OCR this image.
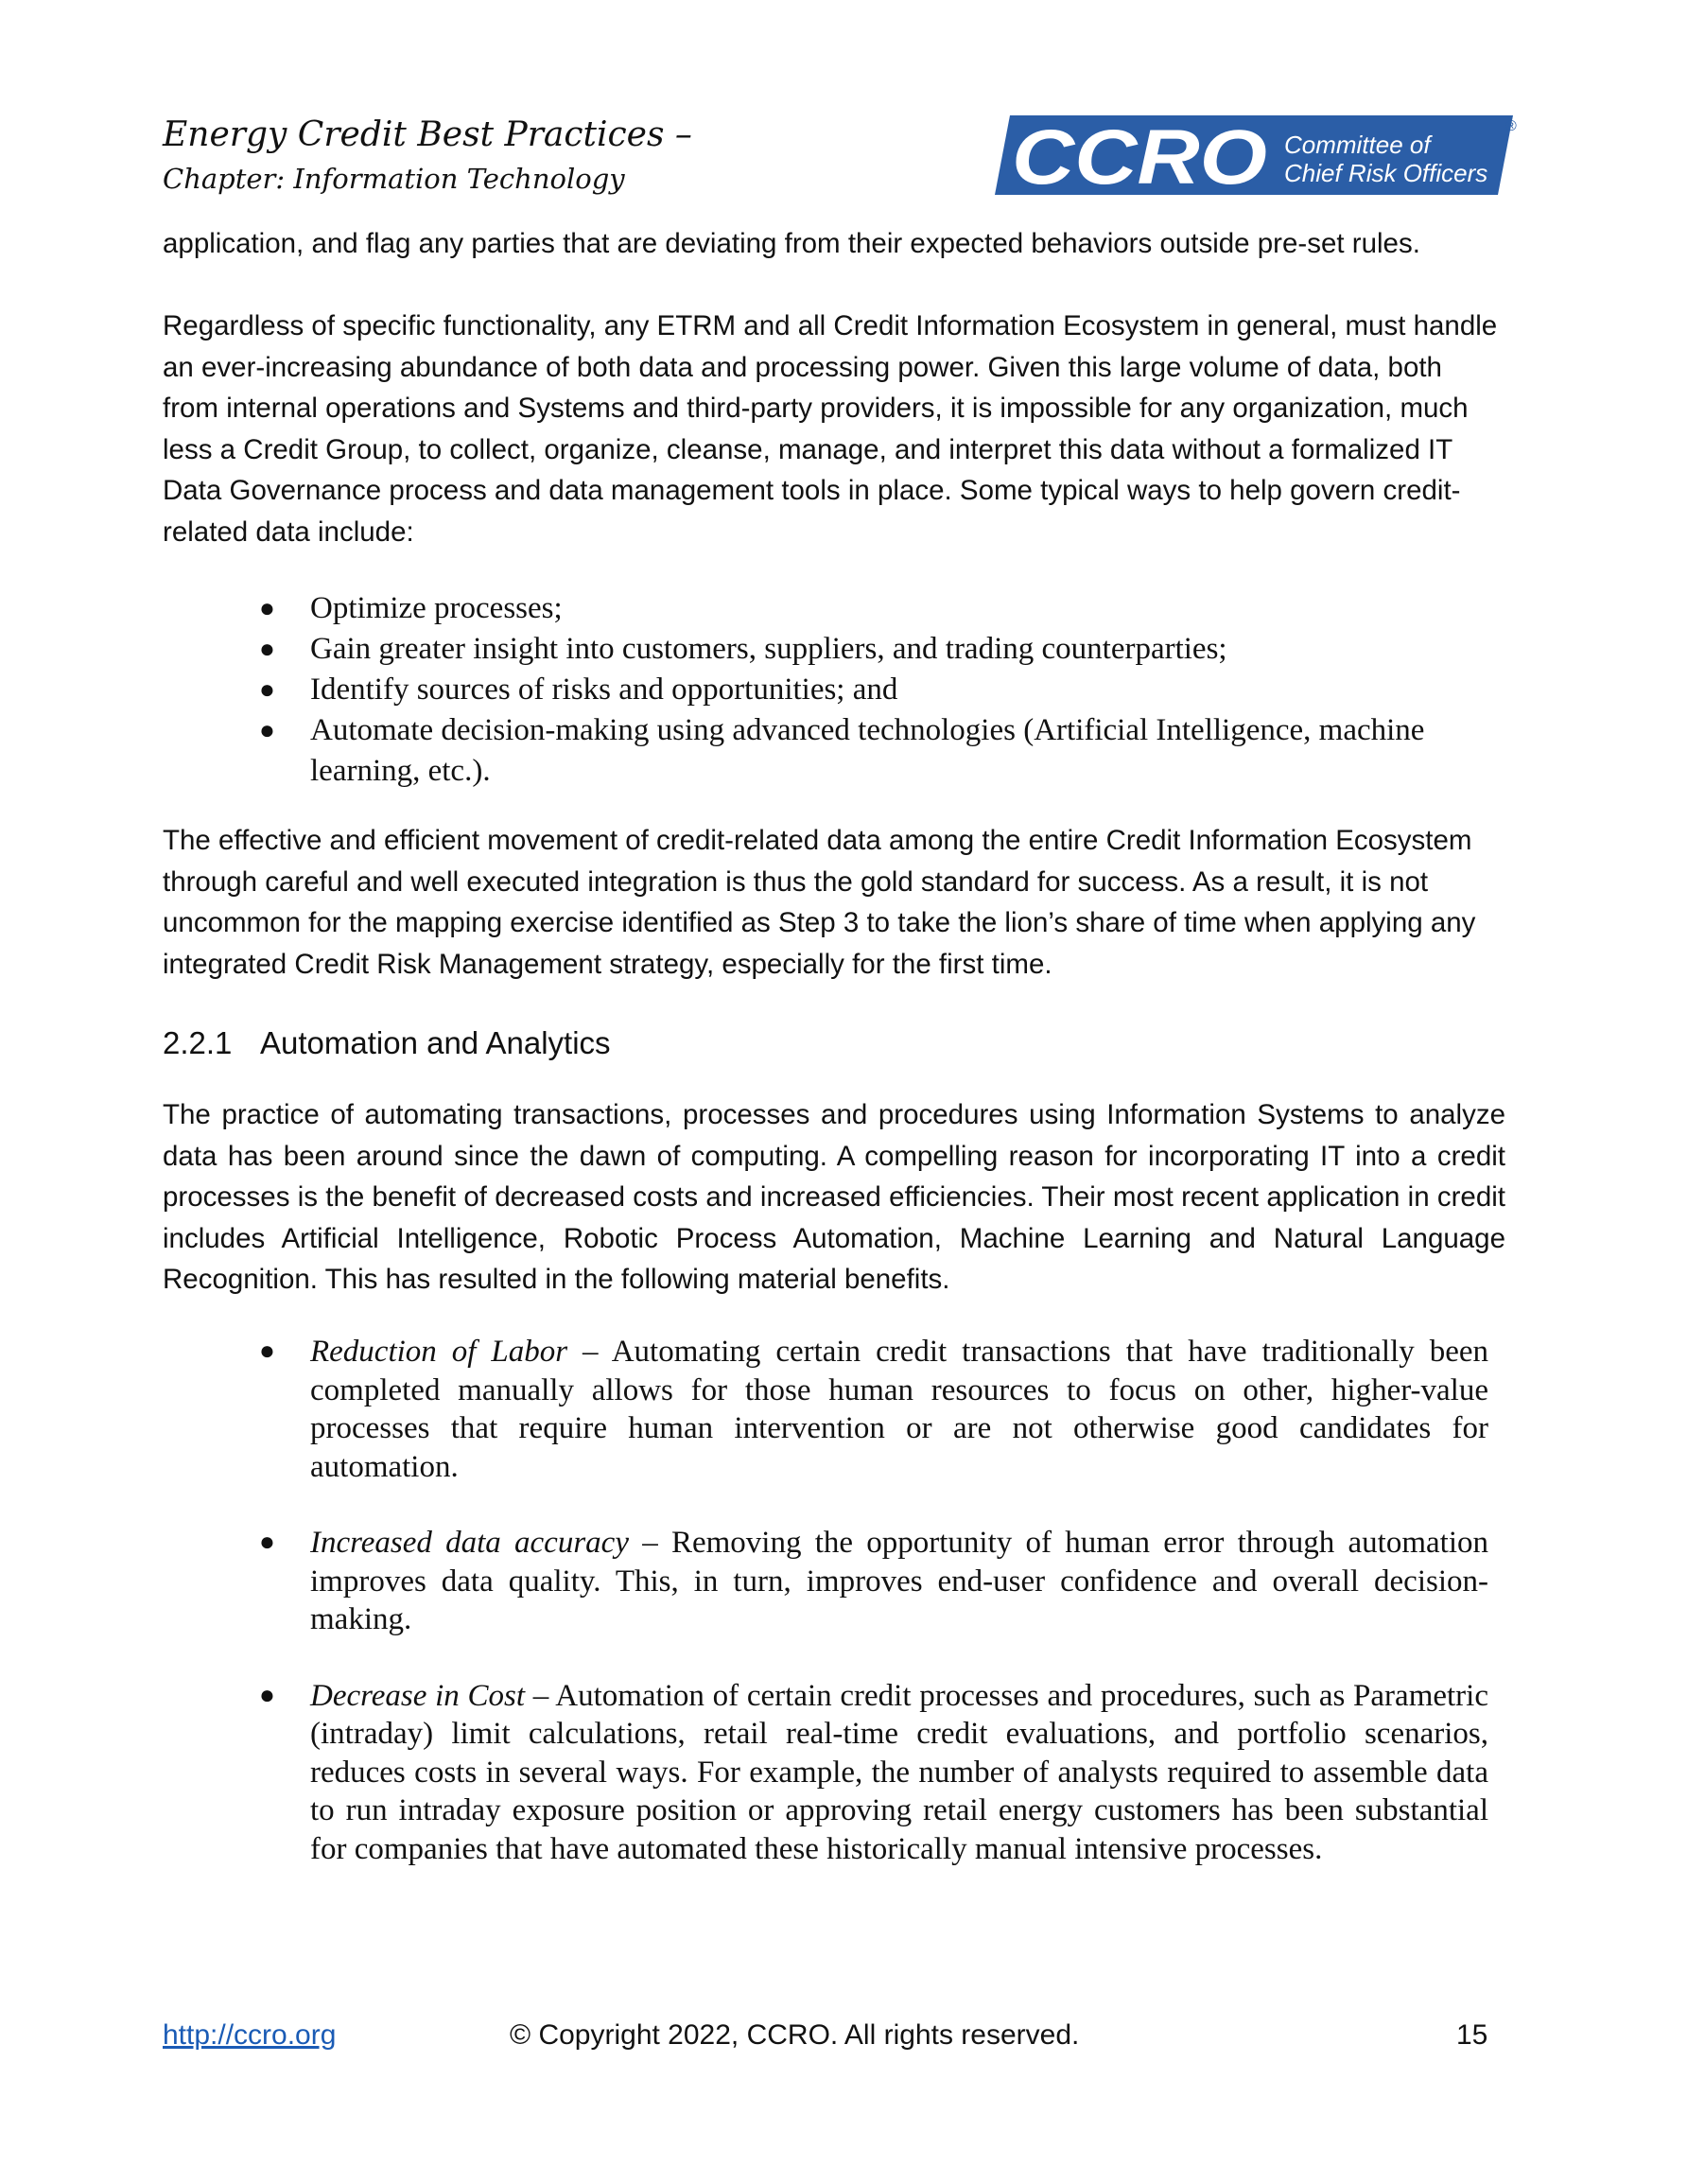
Energy Credit Best Practices –
Chapter: Information Technology	CCRO Committee of
Chief Risk Officers
®
application, and flag any parties that are deviating from their expected behaviors outside pre-set rules.
Regardless of specific functionality, any ETRM and all Credit Information Ecosystem in general, must handle an ever-increasing abundance of both data and processing power. Given this large volume of data, both from internal operations and Systems and third-party providers, it is impossible for any organization, much less a Credit Group, to collect, organize, cleanse, manage, and interpret this data without a formalized IT Data Governance process and data management tools in place. Some typical ways to help govern credit-related data include:
● Optimize processes;
● Gain greater insight into customers, suppliers, and trading counterparties;
● Identify sources of risks and opportunities; and
● Automate decision-making using advanced technologies (Artificial Intelligence, machine learning, etc.).
The effective and efficient movement of credit-related data among the entire Credit Information Ecosystem through careful and well executed integration is thus the gold standard for success. As a result, it is not uncommon for the mapping exercise identified as Step 3 to take the lion’s share of time when applying any integrated Credit Risk Management strategy, especially for the first time.
2.2.1 Automation and Analytics
The practice of automating transactions, processes and procedures using Information Systems to analyze data has been around since the dawn of computing. A compelling reason for incorporating IT into a credit processes is the benefit of decreased costs and increased efficiencies. Their most recent application in credit includes Artificial Intelligence, Robotic Process Automation, Machine Learning and Natural Language Recognition. This has resulted in the following material benefits.
● Reduction of Labor – Automating certain credit transactions that have traditionally been completed manually allows for those human resources to focus on other, higher-value processes that require human intervention or are not otherwise good candidates for automation.
● Increased data accuracy – Removing the opportunity of human error through automation improves data quality. This, in turn, improves end-user confidence and overall decision-making.
● Decrease in Cost – Automation of certain credit processes and procedures, such as Parametric (intraday) limit calculations, retail real-time credit evaluations, and portfolio scenarios, reduces costs in several ways. For example, the number of analysts required to assemble data to run intraday exposure position or approving retail energy customers has been substantial for companies that have automated these historically manual intensive processes.
http://ccro.org	© Copyright 2022, CCRO. All rights reserved.	15
